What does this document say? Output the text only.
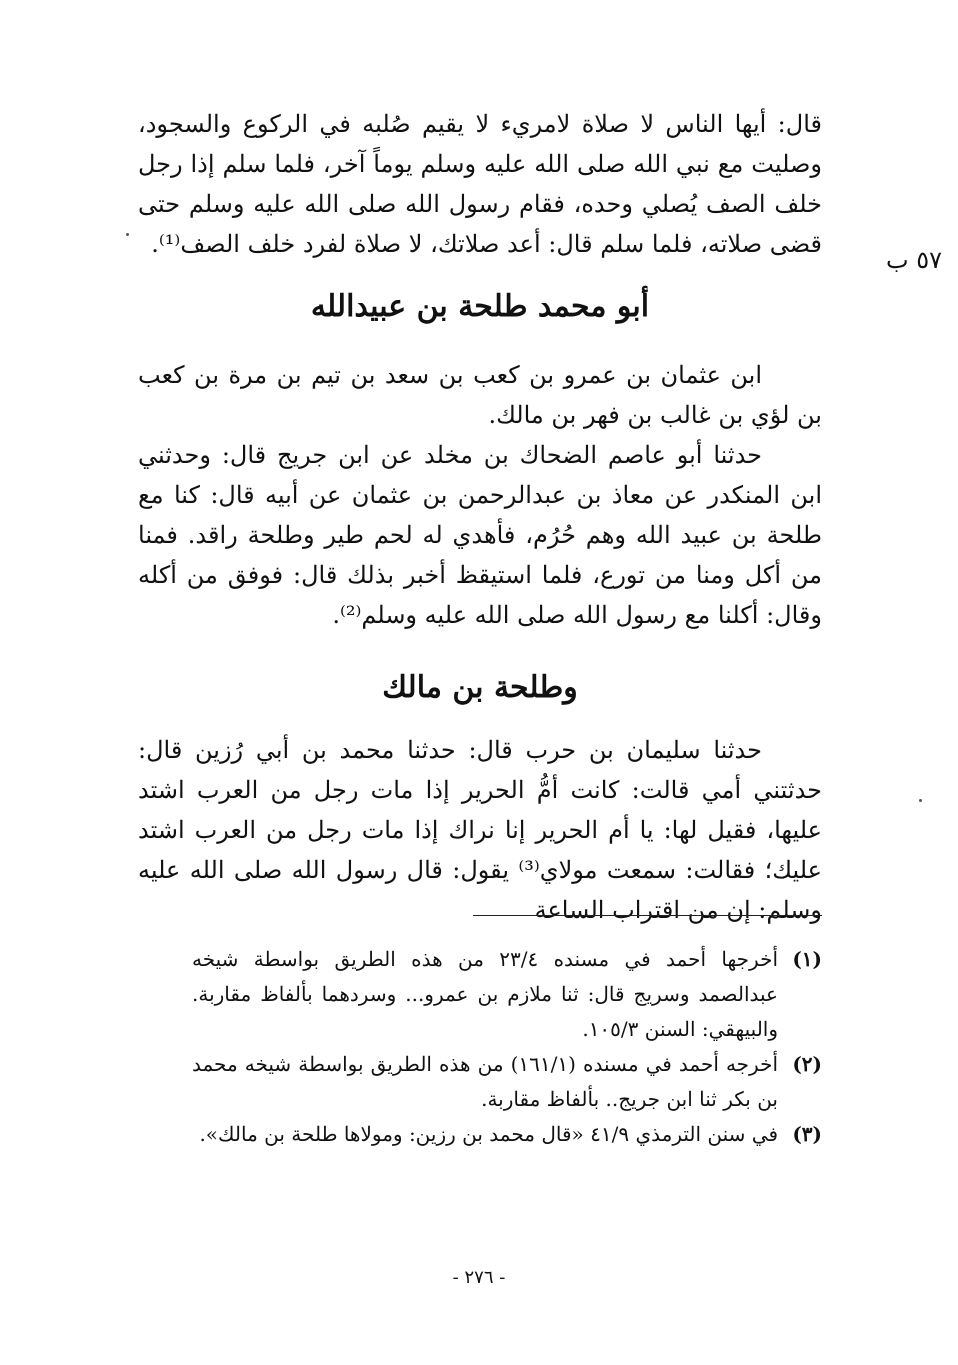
٥٧ ب

قال: أيها الناس لا صلاة لامريء لا يقيم صُلبه في الركوع والسجود، وصليت مع نبي الله صلى الله عليه وسلم يوماً آخر، فلما سلم إذا رجل خلف الصف يُصلي وحده، فقام رسول الله صلى الله عليه وسلم حتى قضى صلاته، فلما سلم قال: أعد صلاتك، لا صلاة لفرد خلف الصف⁽¹⁾.

أبو محمد طلحة بن عبيدالله

ابن عثمان بن عمرو بن كعب بن سعد بن تيم بن مرة بن كعب بن لؤي بن غالب بن فهر بن مالك.

حدثنا أبو عاصم الضحاك بن مخلد عن ابن جريج قال: وحدثني ابن المنكدر عن معاذ بن عبدالرحمن بن عثمان عن أبيه قال: كنا مع طلحة بن عبيد الله وهم حُرُم، فأهدي له لحم طير وطلحة راقد. فمنا من أكل ومنا من تورع، فلما استيقظ أخبر بذلك قال: فوفق من أكله وقال: أكلنا مع رسول الله صلى الله عليه وسلم⁽²⁾.

وطلحة بن مالك

حدثنا سليمان بن حرب قال: حدثنا محمد بن أبي رُزين قال: حدثتني أمي قالت: كانت أمُّ الحرير إذا مات رجل من العرب اشتد عليها، فقيل لها: يا أم الحرير إنا نراك إذا مات رجل من العرب اشتد عليك؛ فقالت: سمعت مولاي⁽³⁾ يقول: قال رسول الله صلى الله عليه وسلم: إن من اقتراب الساعة

(١)
أخرجها أحمد في مسنده ٢٣/٤ من هذه الطريق بواسطة شيخه عبدالصمد وسريج قال: ثنا ملازم بن عمرو... وسردهما بألفاظ مقاربة. والبيهقي: السنن ١٠٥/٣.

(٢)
أخرجه أحمد في مسنده (١٦١/١) من هذه الطريق بواسطة شيخه محمد بن بكر ثنا ابن جريج.. بألفاظ مقاربة.

(٣)
في سنن الترمذي ٤١/٩ «قال محمد بن رزين: ومولاها طلحة بن مالك».

- ٢٧٦ -
